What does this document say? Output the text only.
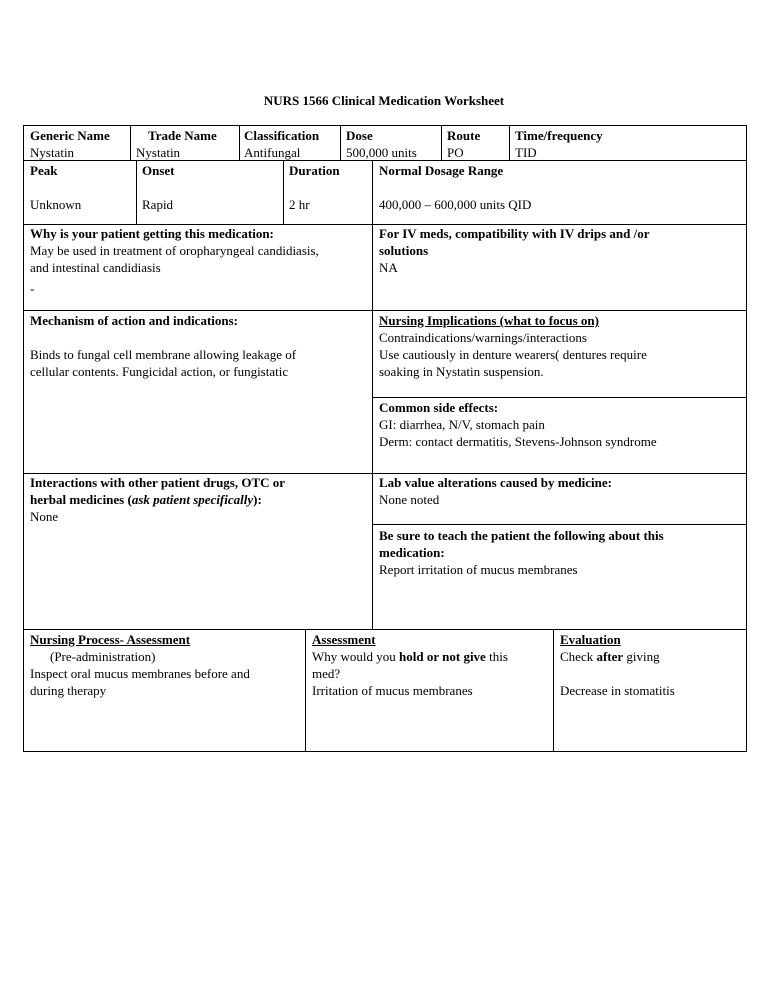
NURS 1566 Clinical Medication Worksheet
Generic Name
Nystatin
Trade Name
Nystatin
Classification
Antifungal
Dose
500,000 units
Route
PO
Time/frequency
TID
Peak
Unknown
Onset
Rapid
Duration
2 hr
Normal Dosage Range
400,000 – 600,000 units QID
Why is your patient getting this medication:
May be used in treatment of oropharyngeal candidiasis,
and intestinal candidiasis
-
For IV meds, compatibility with IV drips and /or
solutions
NA
Mechanism of action and indications:
Binds to fungal cell membrane allowing leakage of
cellular contents. Fungicidal action, or fungistatic
Nursing Implications (what to focus on)
Contraindications/warnings/interactions
Use cautiously in denture wearers( dentures require
soaking in Nystatin suspension.
Common side effects:
GI: diarrhea, N/V, stomach pain
Derm: contact dermatitis, Stevens-Johnson syndrome
Interactions with other patient drugs, OTC or
herbal medicines (ask patient specifically):
None
Lab value alterations caused by medicine:
None noted
Be sure to teach the patient the following about this
medication:
Report irritation of mucus membranes
Nursing Process- Assessment
(Pre-administration)
Inspect oral mucus membranes before and
during therapy
Assessment
Why would you hold or not give this
med?
Irritation of mucus membranes
Evaluation
Check after giving
Decrease in stomatitis
